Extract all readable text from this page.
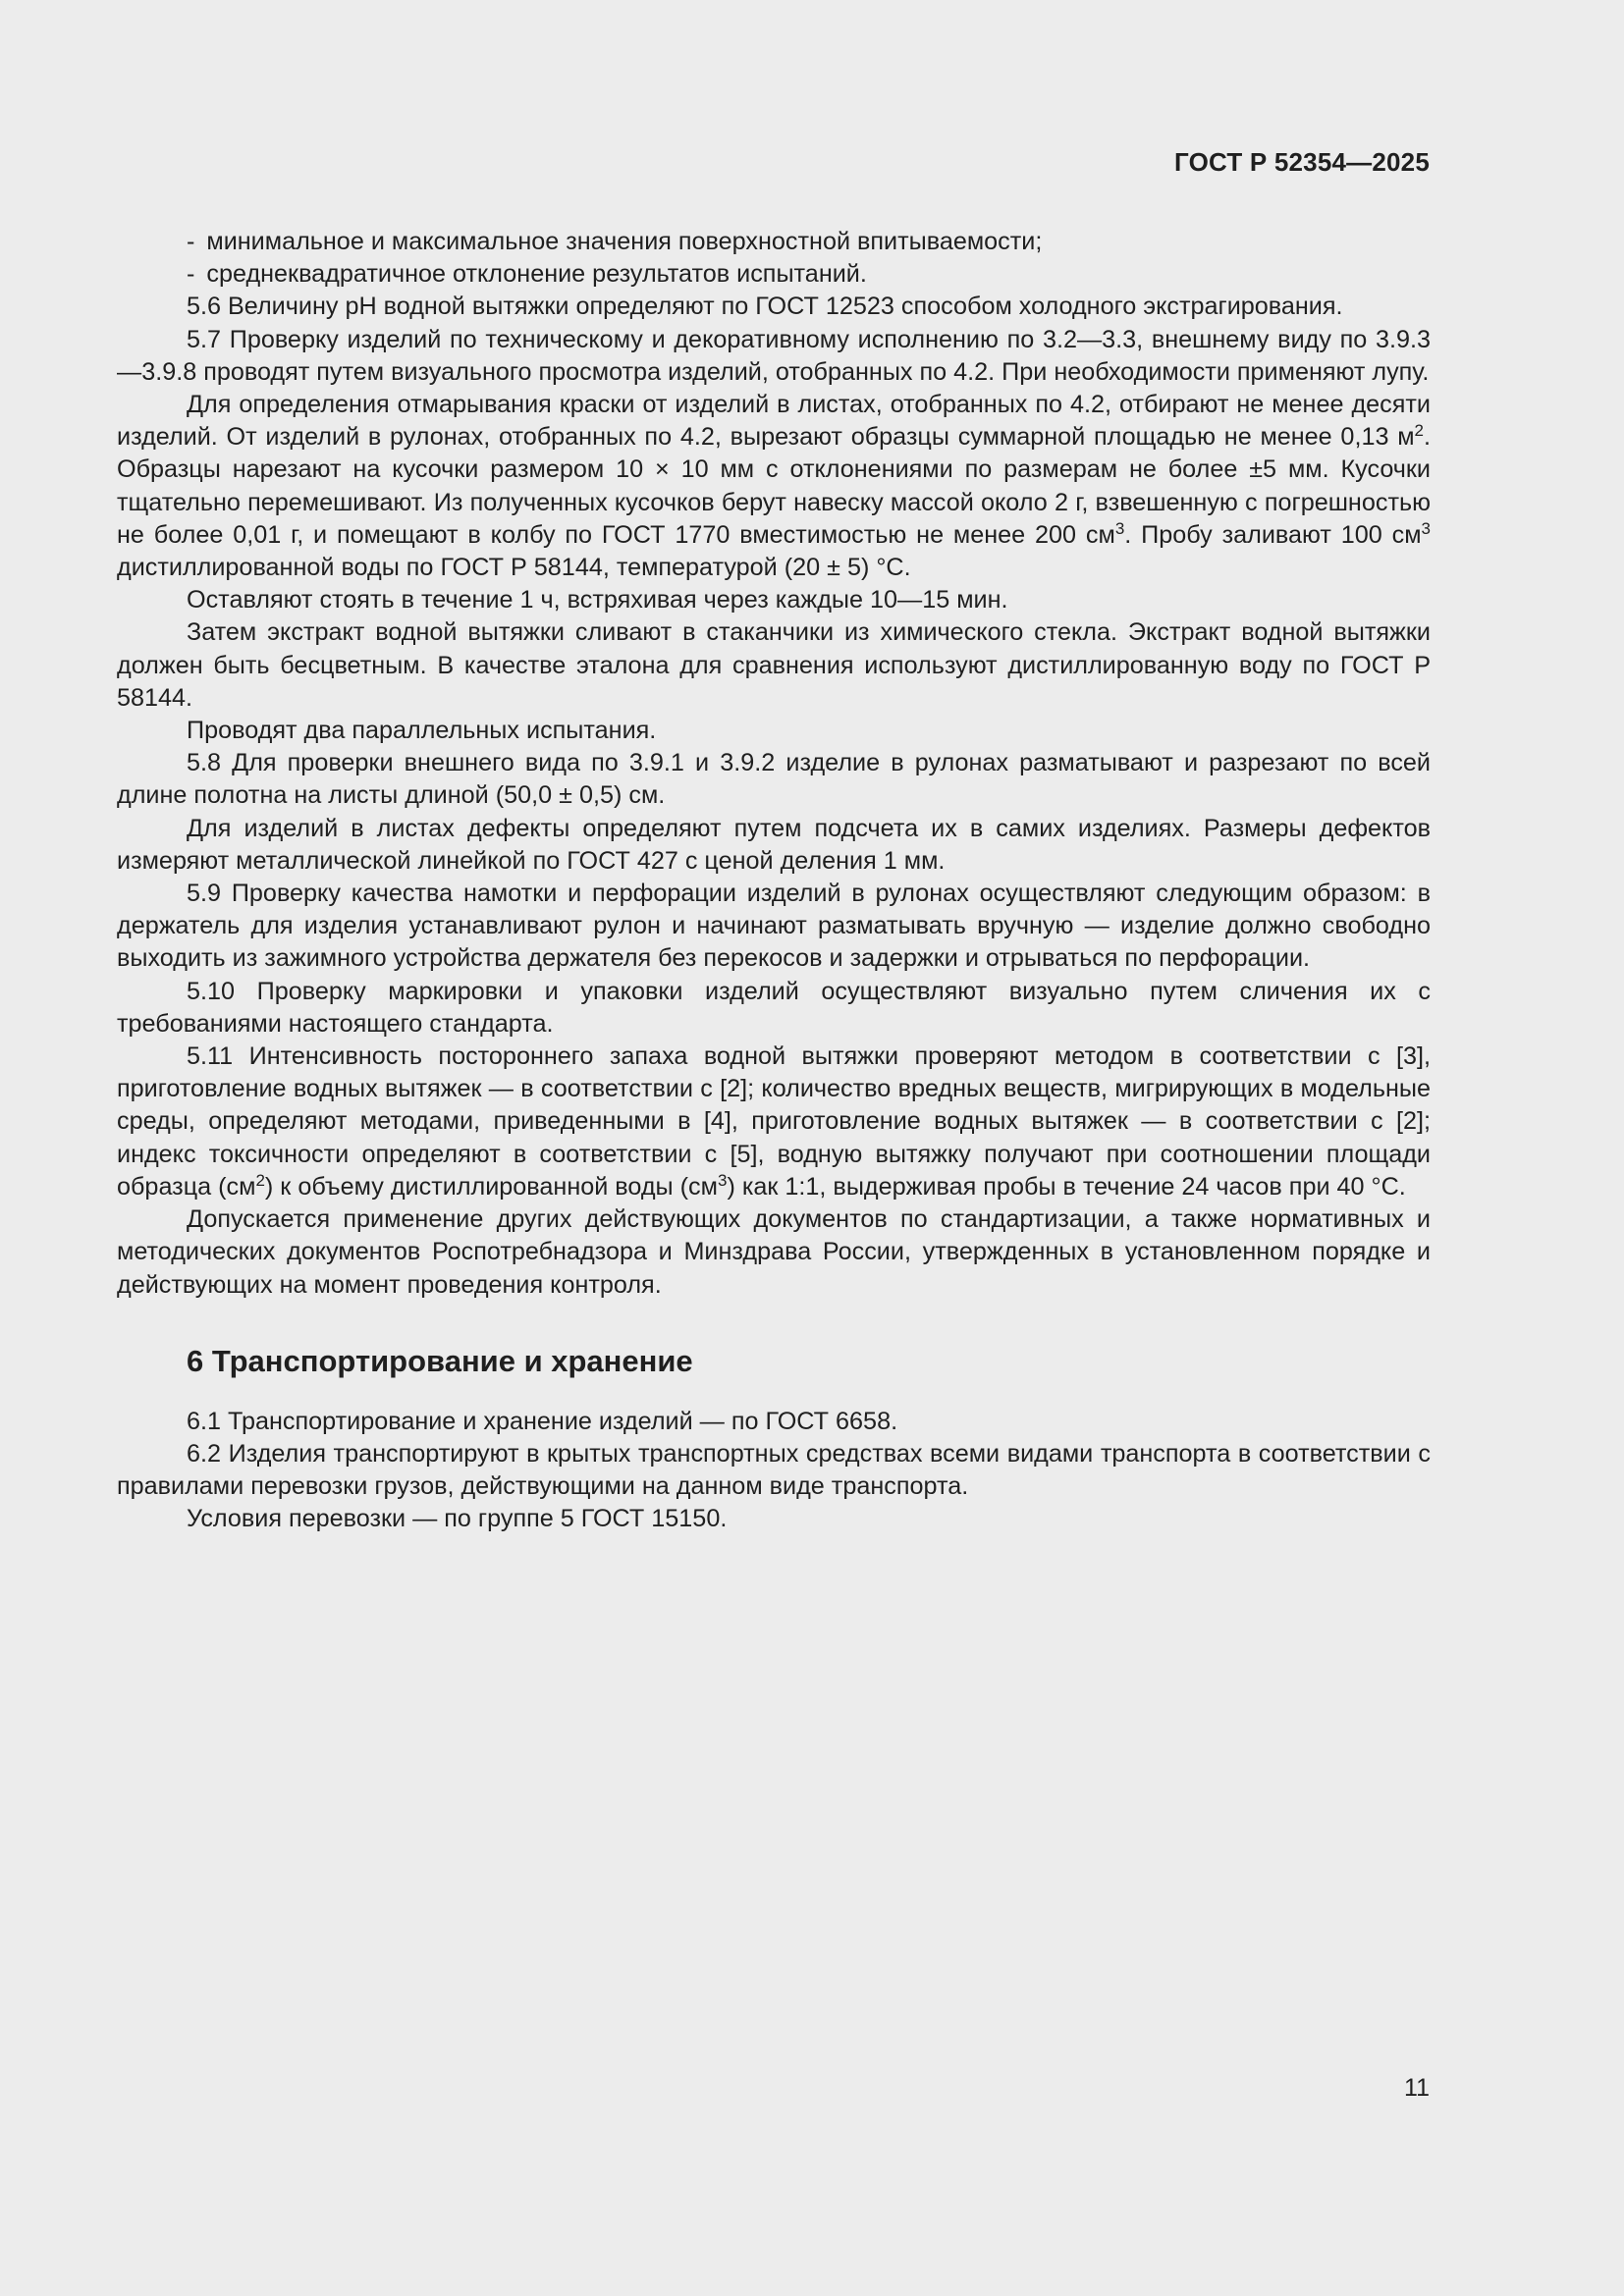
ГОСТ Р 52354—2025

- минимальное и максимальное значения поверхностной впитываемости;

- среднеквадратичное отклонение результатов испытаний.

5.6 Величину pH водной вытяжки определяют по ГОСТ 12523 способом холодного экстрагирования.

5.7 Проверку изделий по техническому и декоративному исполнению по 3.2—3.3, внешнему виду по 3.9.3—3.9.8 проводят путем визуального просмотра изделий, отобранных по 4.2. При необходимости применяют лупу.

Для определения отмарывания краски от изделий в листах, отобранных по 4.2, отбирают не менее десяти изделий. От изделий в рулонах, отобранных по 4.2, вырезают образцы суммарной площадью не менее 0,13 $м^2$. Образцы нарезают на кусочки размером 10 × 10 мм с отклонениями по размерам не более ±5 мм. Кусочки тщательно перемешивают. Из полученных кусочков берут навеску массой около 2 г, взвешенную с погрешностью не более 0,01 г, и помещают в колбу по ГОСТ 1770 вместимостью не менее 200 $см^3$. Пробу заливают 100 $см^3$ дистиллированной воды по ГОСТ Р 58144, температурой (20 ± 5) °С.

Оставляют стоять в течение 1 ч, встряхивая через каждые 10—15 мин.

Затем экстракт водной вытяжки сливают в стаканчики из химического стекла. Экстракт водной вытяжки должен быть бесцветным. В качестве эталона для сравнения используют дистиллированную воду по ГОСТ Р 58144.

Проводят два параллельных испытания.

5.8 Для проверки внешнего вида по 3.9.1 и 3.9.2 изделие в рулонах разматывают и разрезают по всей длине полотна на листы длиной (50,0 ± 0,5) см.

Для изделий в листах дефекты определяют путем подсчета их в самих изделиях. Размеры дефектов измеряют металлической линейкой по ГОСТ 427 с ценой деления 1 мм.

5.9 Проверку качества намотки и перфорации изделий в рулонах осуществляют следующим образом: в держатель для изделия устанавливают рулон и начинают разматывать вручную — изделие должно свободно выходить из зажимного устройства держателя без перекосов и задержки и отрываться по перфорации.

5.10 Проверку маркировки и упаковки изделий осуществляют визуально путем сличения их с требованиями настоящего стандарта.

5.11 Интенсивность постороннего запаха водной вытяжки проверяют методом в соответствии с [3], приготовление водных вытяжек — в соответствии с [2]; количество вредных веществ, мигрирующих в модельные среды, определяют методами, приведенными в [4], приготовление водных вытяжек — в соответствии с [2]; индекс токсичности определяют в соответствии с [5], водную вытяжку получают при соотношении площади образца $(см^2)$ к объему дистиллированной воды $(см^3)$ как 1:1, выдерживая пробы в течение 24 часов при 40 °С.

Допускается применение других действующих документов по стандартизации, а также нормативных и методических документов Роспотребнадзора и Минздрава России, утвержденных в установленном порядке и действующих на момент проведения контроля.

6 Транспортирование и хранение

6.1 Транспортирование и хранение изделий — по ГОСТ 6658.

6.2 Изделия транспортируют в крытых транспортных средствах всеми видами транспорта в соответствии с правилами перевозки грузов, действующими на данном виде транспорта.

Условия перевозки — по группе 5 ГОСТ 15150.

11
